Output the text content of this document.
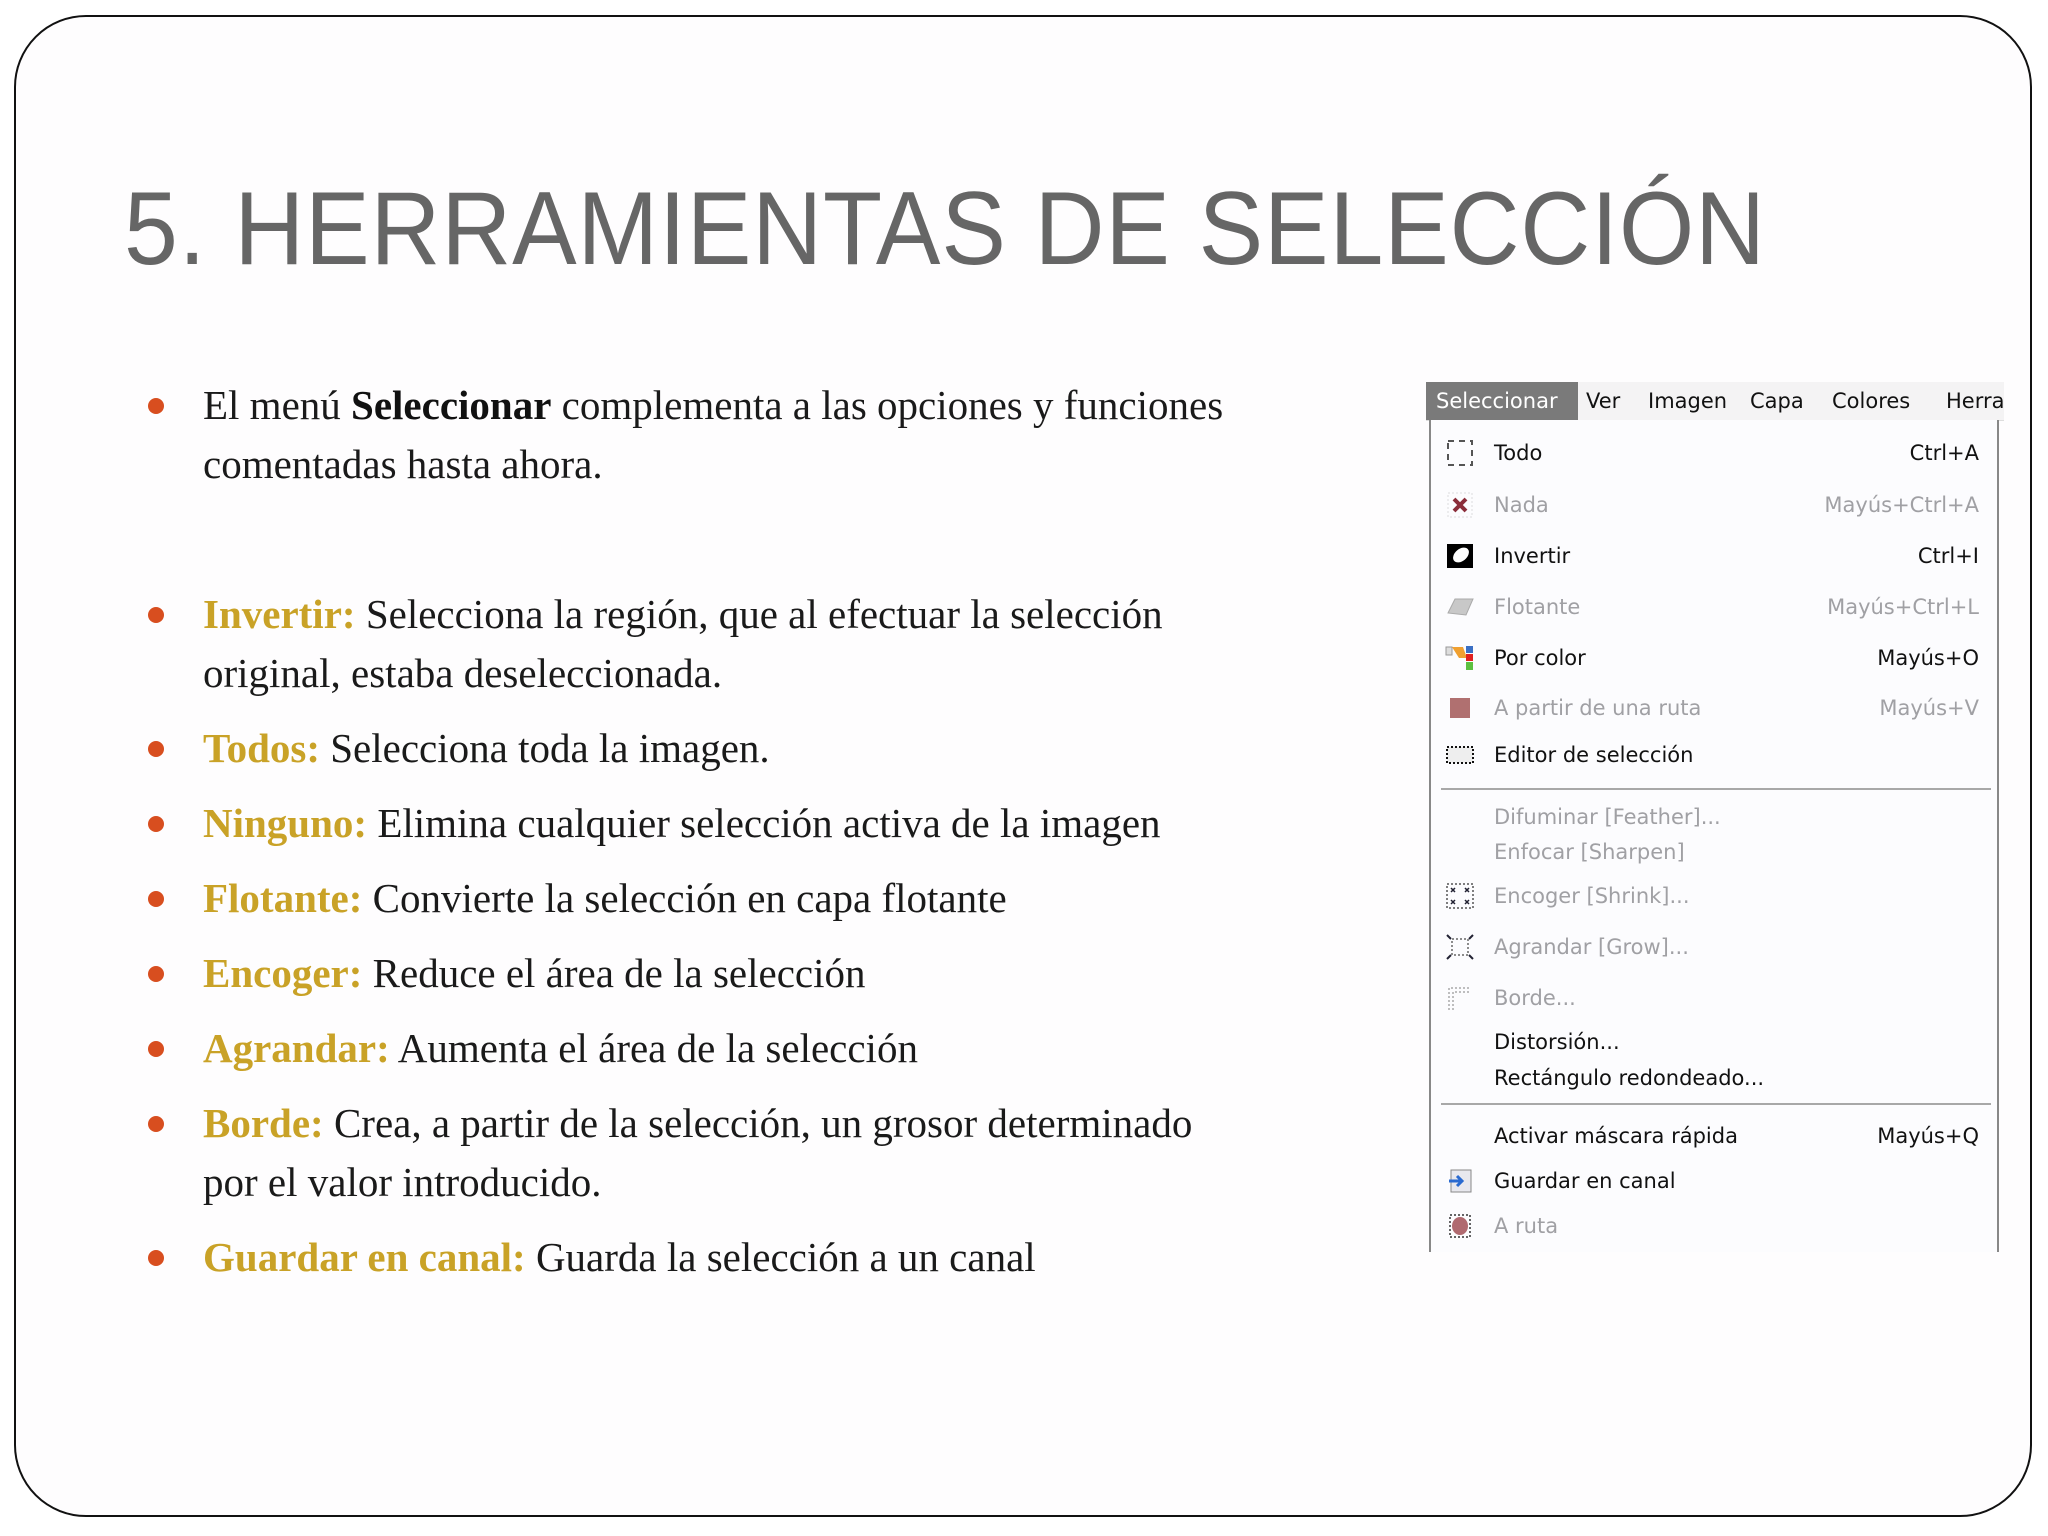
5. HERRAMIENTAS DE SELECCIÓN
El menú Seleccionar complementa a las opciones y funciones
comentadas hasta ahora.
Invertir: Selecciona la región, que al efectuar la selección
original, estaba deseleccionada.
Todos: Selecciona toda la imagen.
Ninguno: Elimina cualquier selección activa de la imagen
Flotante: Convierte la selección en capa flotante
Encoger: Reduce el área de la selección
Agrandar: Aumenta el área de la selección
Borde: Crea, a partir de la selección, un grosor determinado
por el valor introducido.
Guardar en canal: Guarda la selección a un canal
Seleccionar	Ver	Imagen	Capa	Colores	Herra
Todo	Ctrl+A
Nada	Mayús+Ctrl+A
Invertir	Ctrl+I
Flotante	Mayús+Ctrl+L
Por color	Mayús+O
A partir de una ruta	Mayús+V
Editor de selección
Difuminar [Feather]...
Enfocar [Sharpen]
Encoger [Shrink]...
Agrandar [Grow]...
Borde...
Distorsión...
Rectángulo redondeado...
Activar máscara rápida	Mayús+Q
Guardar en canal
A ruta
